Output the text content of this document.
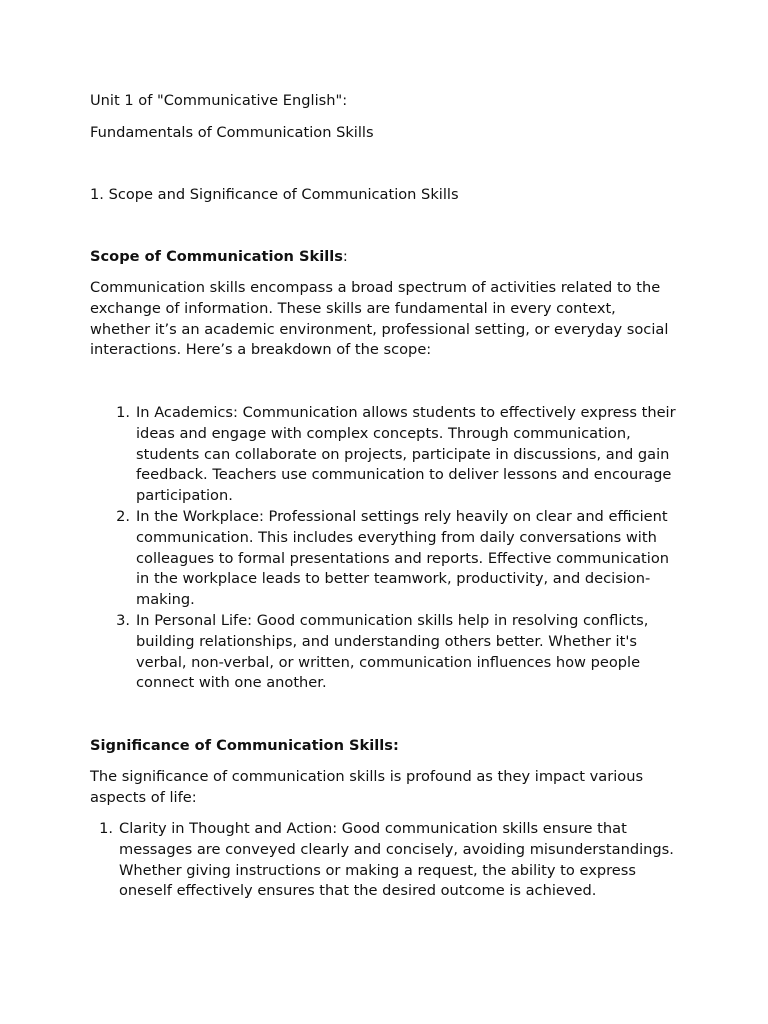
Unit 1 of "Communicative English":
Fundamentals of Communication Skills
1. Scope and Significance of Communication Skills
Scope of Communication Skills:

Communication skills encompass a broad spectrum of activities related to the exchange of information. These skills are fundamental in every context, whether it’s an academic environment, professional setting, or everyday social interactions. Here’s a breakdown of the scope:

1. In Academics: Communication allows students to effectively express their ideas and engage with complex concepts. Through communication, students can collaborate on projects, participate in discussions, and gain feedback. Teachers use communication to deliver lessons and encourage participation.
2. In the Workplace: Professional settings rely heavily on clear and efficient communication. This includes everything from daily conversations with colleagues to formal presentations and reports. Effective communication in the workplace leads to better teamwork, productivity, and decision-making.
3. In Personal Life: Good communication skills help in resolving conflicts, building relationships, and understanding others better. Whether it's verbal, non-verbal, or written, communication influences how people connect with one another.
Significance of Communication Skills:

The significance of communication skills is profound as they impact various aspects of life:

1. Clarity in Thought and Action: Good communication skills ensure that messages are conveyed clearly and concisely, avoiding misunderstandings. Whether giving instructions or making a request, the ability to express oneself effectively ensures that the desired outcome is achieved.
